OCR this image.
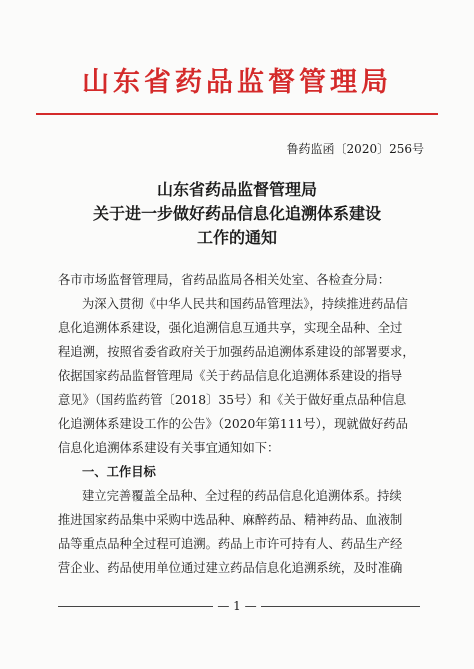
山东省药品监督管理局
鲁药监函〔2020〕256号
山东省药品监督管理局
关于进一步做好药品信息化追溯体系建设
工作的通知
各市市场监督管理局，省药品监局各相关处室、各检查分局：
为深入贯彻《中华人民共和国药品管理法》，持续推进药品信
息化追溯体系建设，强化追溯信息互通共享，实现全品种、全过
程追溯，按照省委省政府关于加强药品追溯体系建设的部署要求，
依据国家药品监督管理局《关于药品信息化追溯体系建设的指导
意见》（国药监药管〔2018〕35号）和《关于做好重点品种信息
化追溯体系建设工作的公告》（2020年第111号），现就做好药品
信息化追溯体系建设有关事宜通知如下：
一、工作目标
建立完善覆盖全品种、全过程的药品信息化追溯体系。持续
推进国家药品集中采购中选品种、麻醉药品、精神药品、血液制
品等重点品种全过程可追溯。药品上市许可持有人、药品生产经
营企业、药品使用单位通过建立药品信息化追溯系统，及时准确
— 1 —
